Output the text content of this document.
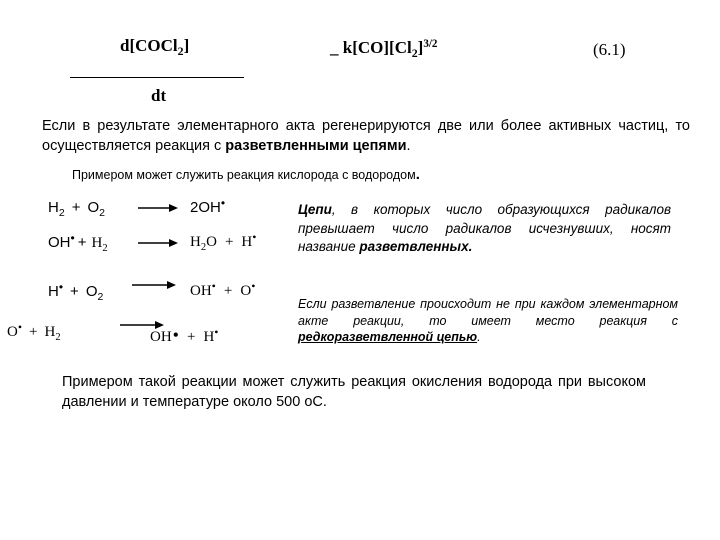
d[COCl$_2$]
dt
_ $k[CO][Cl_2]^{3/2}$	(6.1)
Если в результате элементарного акта регенерируются две или более активных частиц, то осуществляется реакция с разветвленными цепями.
Примером может служить реакция кислорода с водородом.
$H_2 + O_2 \to 2OH^•$
$OH^• + H_2 \to H_2O + H^•$
$H^• + O_2 \to OH^• + O^•$
$O^• + H_2$	OH• + H•
Цепи, в которых число образующихся радикалов превышает число радикалов исчезнувших, носят название разветвленных.
Если разветвление происходит не при каждом элементарном акте реакции, то имеет место реакция с редкоразветвленной цепью.
Примером такой реакции может служить реакция окисления водорода при высоком давлении и температуре около 500 оС.
